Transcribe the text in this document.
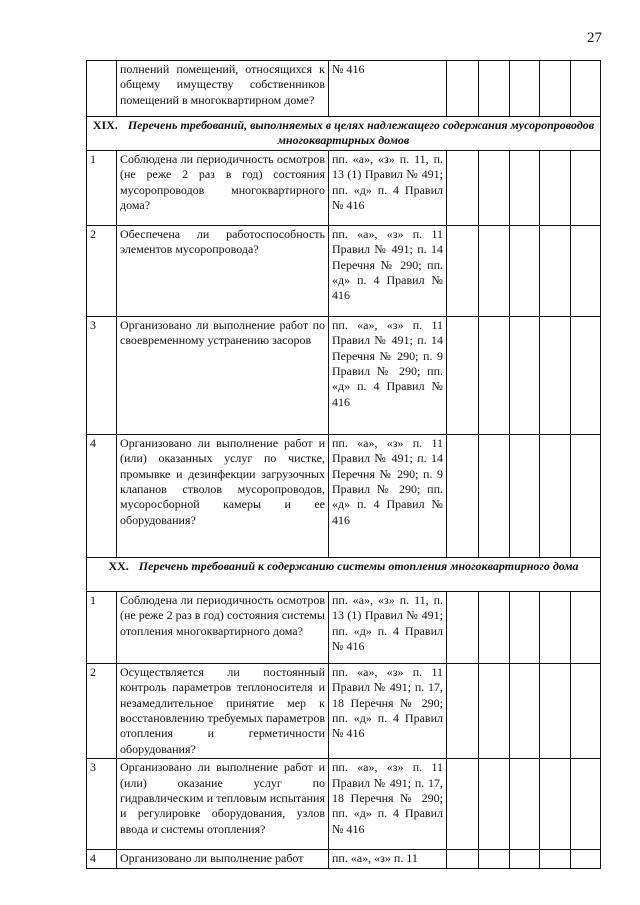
27
	полнений помещений, относящихся к общему имуществу собственников помещений в многоквартирном доме?	№ 416					
XIX. Перечень требований, выполняемых в целях надлежащего содержания мусоропроводов многоквартирных домов							
1	Соблюдена ли периодичность осмотров (не реже 2 раз в год) состояния мусоропроводов многоквартирного дома?	пп. «а», «з» п. 11, п. 13 (1) Правил № 491; пп. «д» п. 4 Правил № 416					
2	Обеспечена ли работоспособность элементов мусоропровода?	пп. «а», «з» п. 11 Правил № 491; п. 14 Перечня № 290; пп. «д» п. 4 Правил № 416					
3	Организовано ли выполнение работ по своевременному устранению засоров	пп. «а», «з» п. 11 Правил № 491; п. 14 Перечня № 290; п. 9 Правил № 290; пп. «д» п. 4 Правил № 416					
4	Организовано ли выполнение работ и (или) оказанных услуг по чистке, промывке и дезинфекции загрузочных клапанов стволов мусоропроводов, мусоросборной камеры и ее оборудования?	пп. «а», «з» п. 11 Правил № 491; п. 14 Перечня № 290; п. 9 Правил № 290; пп. «д» п. 4 Правил № 416					
XX. Перечень требований к содержанию системы отопления многоквартирного дома							
1	Соблюдена ли периодичность осмотров (не реже 2 раз в год) состояния системы отопления многоквартирного дома?	пп. «а», «з» п. 11, п. 13 (1) Правил № 491; пп. «д» п. 4 Правил № 416					
2	Осуществляется ли постоянный контроль параметров теплоносителя и незамедлительное принятие мер к восстановлению требуемых параметров отопления и герметичности оборудования?	пп. «а», «з» п. 11 Правил № 491; п. 17, 18 Перечня № 290; пп. «д» п. 4 Правил № 416					
3	Организовано ли выполнение работ и (или) оказание услуг по гидравлическим и тепловым испытания и регулировке оборудования, узлов ввода и системы отопления?	пп. «а», «з» п. 11 Правил № 491; п. 17, 18 Перечня № 290; пп. «д» п. 4 Правил № 416					
4	Организовано ли выполнение работ	пп. «а», «з» п. 11					
